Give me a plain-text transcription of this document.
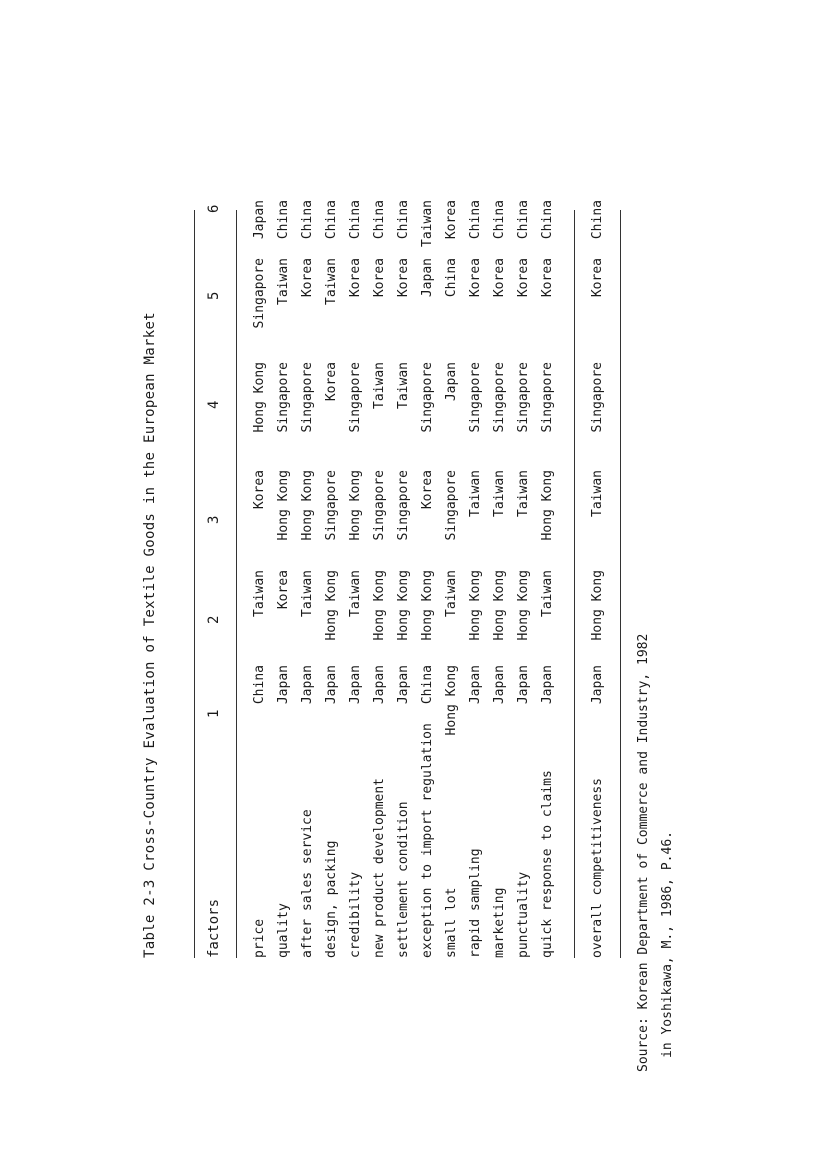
Table 2-3 Cross-Country Evaluation of Textile Goods in the European Market	factors
1
2
3
4
5
6
price
China
Taiwan
Korea
Hong Kong
Singapore
Japan
quality
Japan
Korea
Hong Kong
Singapore
Taiwan
China
after sales service
Japan
Taiwan
Hong Kong
Singapore
Korea
China
design, packing
Japan
Hong Kong
Singapore
Korea
Taiwan
China
credibility
Japan
Taiwan
Hong Kong
Singapore
Korea
China
new product development
Japan
Hong Kong
Singapore
Taiwan
Korea
China
settlement condition
Japan
Hong Kong
Singapore
Taiwan
Korea
China
exception to import regulation
China
Hong Kong
Korea
Singapore
Japan
Taiwan
small lot
Hong Kong
Taiwan
Singapore
Japan
China
Korea
rapid sampling
Japan
Hong Kong
Taiwan
Singapore
Korea
China
marketing
Japan
Hong Kong
Taiwan
Singapore
Korea
China
punctuality
Japan
Hong Kong
Taiwan
Singapore
Korea
China
quick response to claims
Japan
Taiwan
Hong Kong
Singapore
Korea
China
overall competitiveness
Japan
Hong Kong
Taiwan
Singapore
Korea
China
Source: Korean Department of Commerce and Industry, 1982 in Yoshikawa, M., 1986, P.46.
